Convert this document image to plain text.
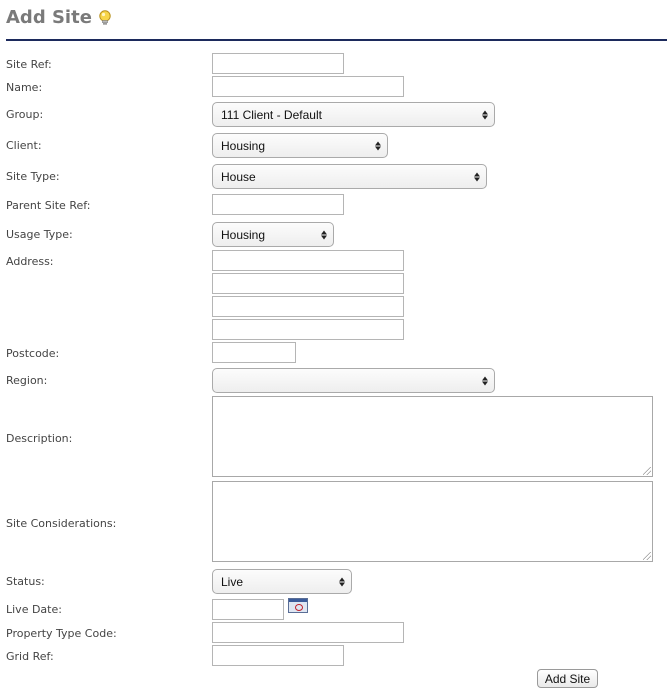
Add Site
Site Ref:
Name:
Group:	111 Client - Default
Client:	Housing
Site Type:	House
Parent Site Ref:
Usage Type:	Housing
Address:
Postcode:
Region:
Description:
Site Considerations:
Status:	Live
Live Date:
Property Type Code:
Grid Ref:
Add Site
